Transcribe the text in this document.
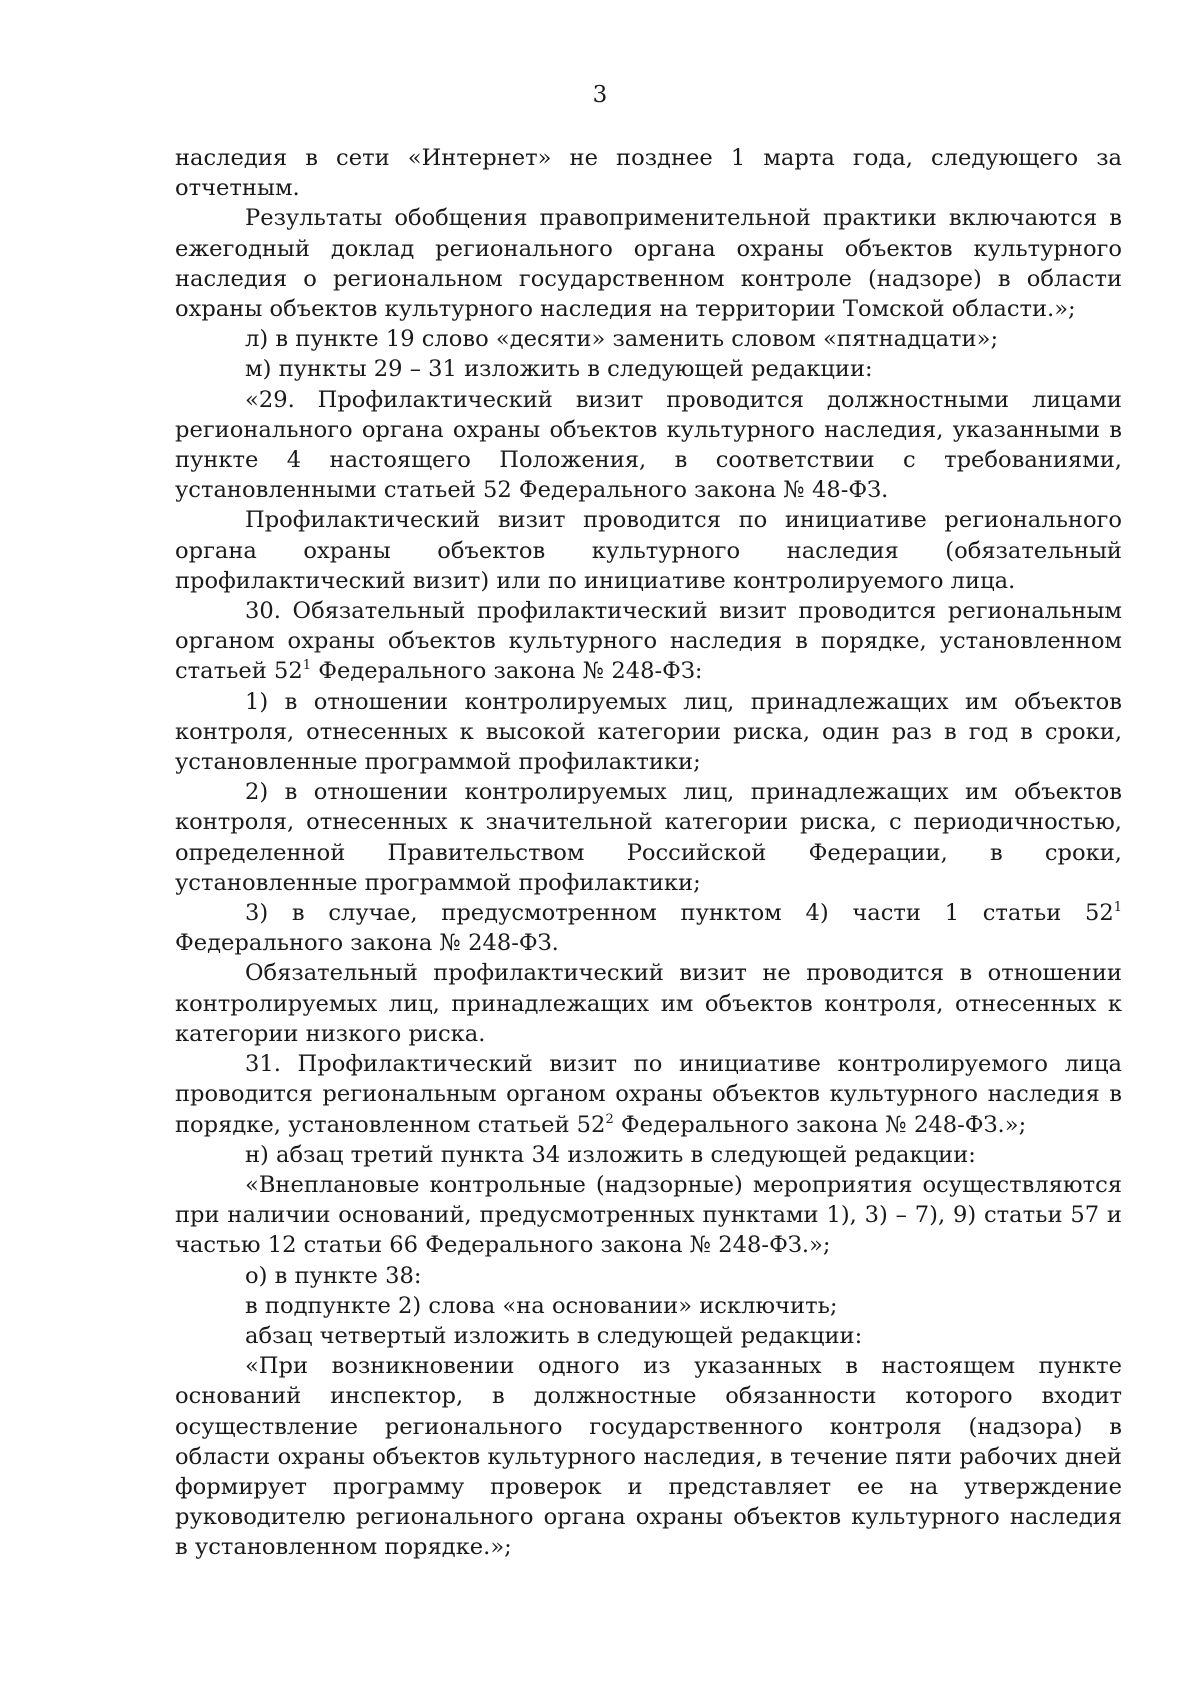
3

наследия в сети «Интернет» не позднее 1 марта года, следующего за отчетным.

Результаты обобщения правоприменительной практики включаются в ежегодный доклад регионального органа охраны объектов культурного наследия о региональном государственном контроле (надзоре) в области охраны объектов культурного наследия на территории Томской области.»;

л) в пункте 19 слово «десяти» заменить словом «пятнадцати»;

м) пункты 29 – 31 изложить в следующей редакции:

«29. Профилактический визит проводится должностными лицами регионального органа охраны объектов культурного наследия, указанными в пункте 4 настоящего Положения, в соответствии с требованиями, установленными статьей 52 Федерального закона № 48-ФЗ.

Профилактический визит проводится по инициативе регионального органа охраны объектов культурного наследия (обязательный профилактический визит) или по инициативе контролируемого лица.

30. Обязательный профилактический визит проводится региональным органом охраны объектов культурного наследия в порядке, установленном статьей $52^1$ Федерального закона № 248-ФЗ:

1) в отношении контролируемых лиц, принадлежащих им объектов контроля, отнесенных к высокой категории риска, один раз в год в сроки, установленные программой профилактики;

2) в отношении контролируемых лиц, принадлежащих им объектов контроля, отнесенных к значительной категории риска, с периодичностью, определенной Правительством Российской Федерации, в сроки, установленные программой профилактики;

3) в случае, предусмотренном пунктом 4) части 1 статьи $52^1$ Федерального закона № 248-ФЗ.

Обязательный профилактический визит не проводится в отношении контролируемых лиц, принадлежащих им объектов контроля, отнесенных к категории низкого риска.

31. Профилактический визит по инициативе контролируемого лица проводится региональным органом охраны объектов культурного наследия в порядке, установленном статьей $52^2$ Федерального закона № 248-ФЗ.»;

н) абзац третий пункта 34 изложить в следующей редакции:

«Внеплановые контрольные (надзорные) мероприятия осуществляются при наличии оснований, предусмотренных пунктами 1), 3) – 7), 9) статьи 57 и частью 12 статьи 66 Федерального закона № 248-ФЗ.»;

о) в пункте 38:

в подпункте 2) слова «на основании» исключить;

абзац четвертый изложить в следующей редакции:

«При возникновении одного из указанных в настоящем пункте оснований инспектор, в должностные обязанности которого входит осуществление регионального государственного контроля (надзора) в области охраны объектов культурного наследия, в течение пяти рабочих дней формирует программу проверок и представляет ее на утверждение руководителю регионального органа охраны объектов культурного наследия в установленном порядке.»;
